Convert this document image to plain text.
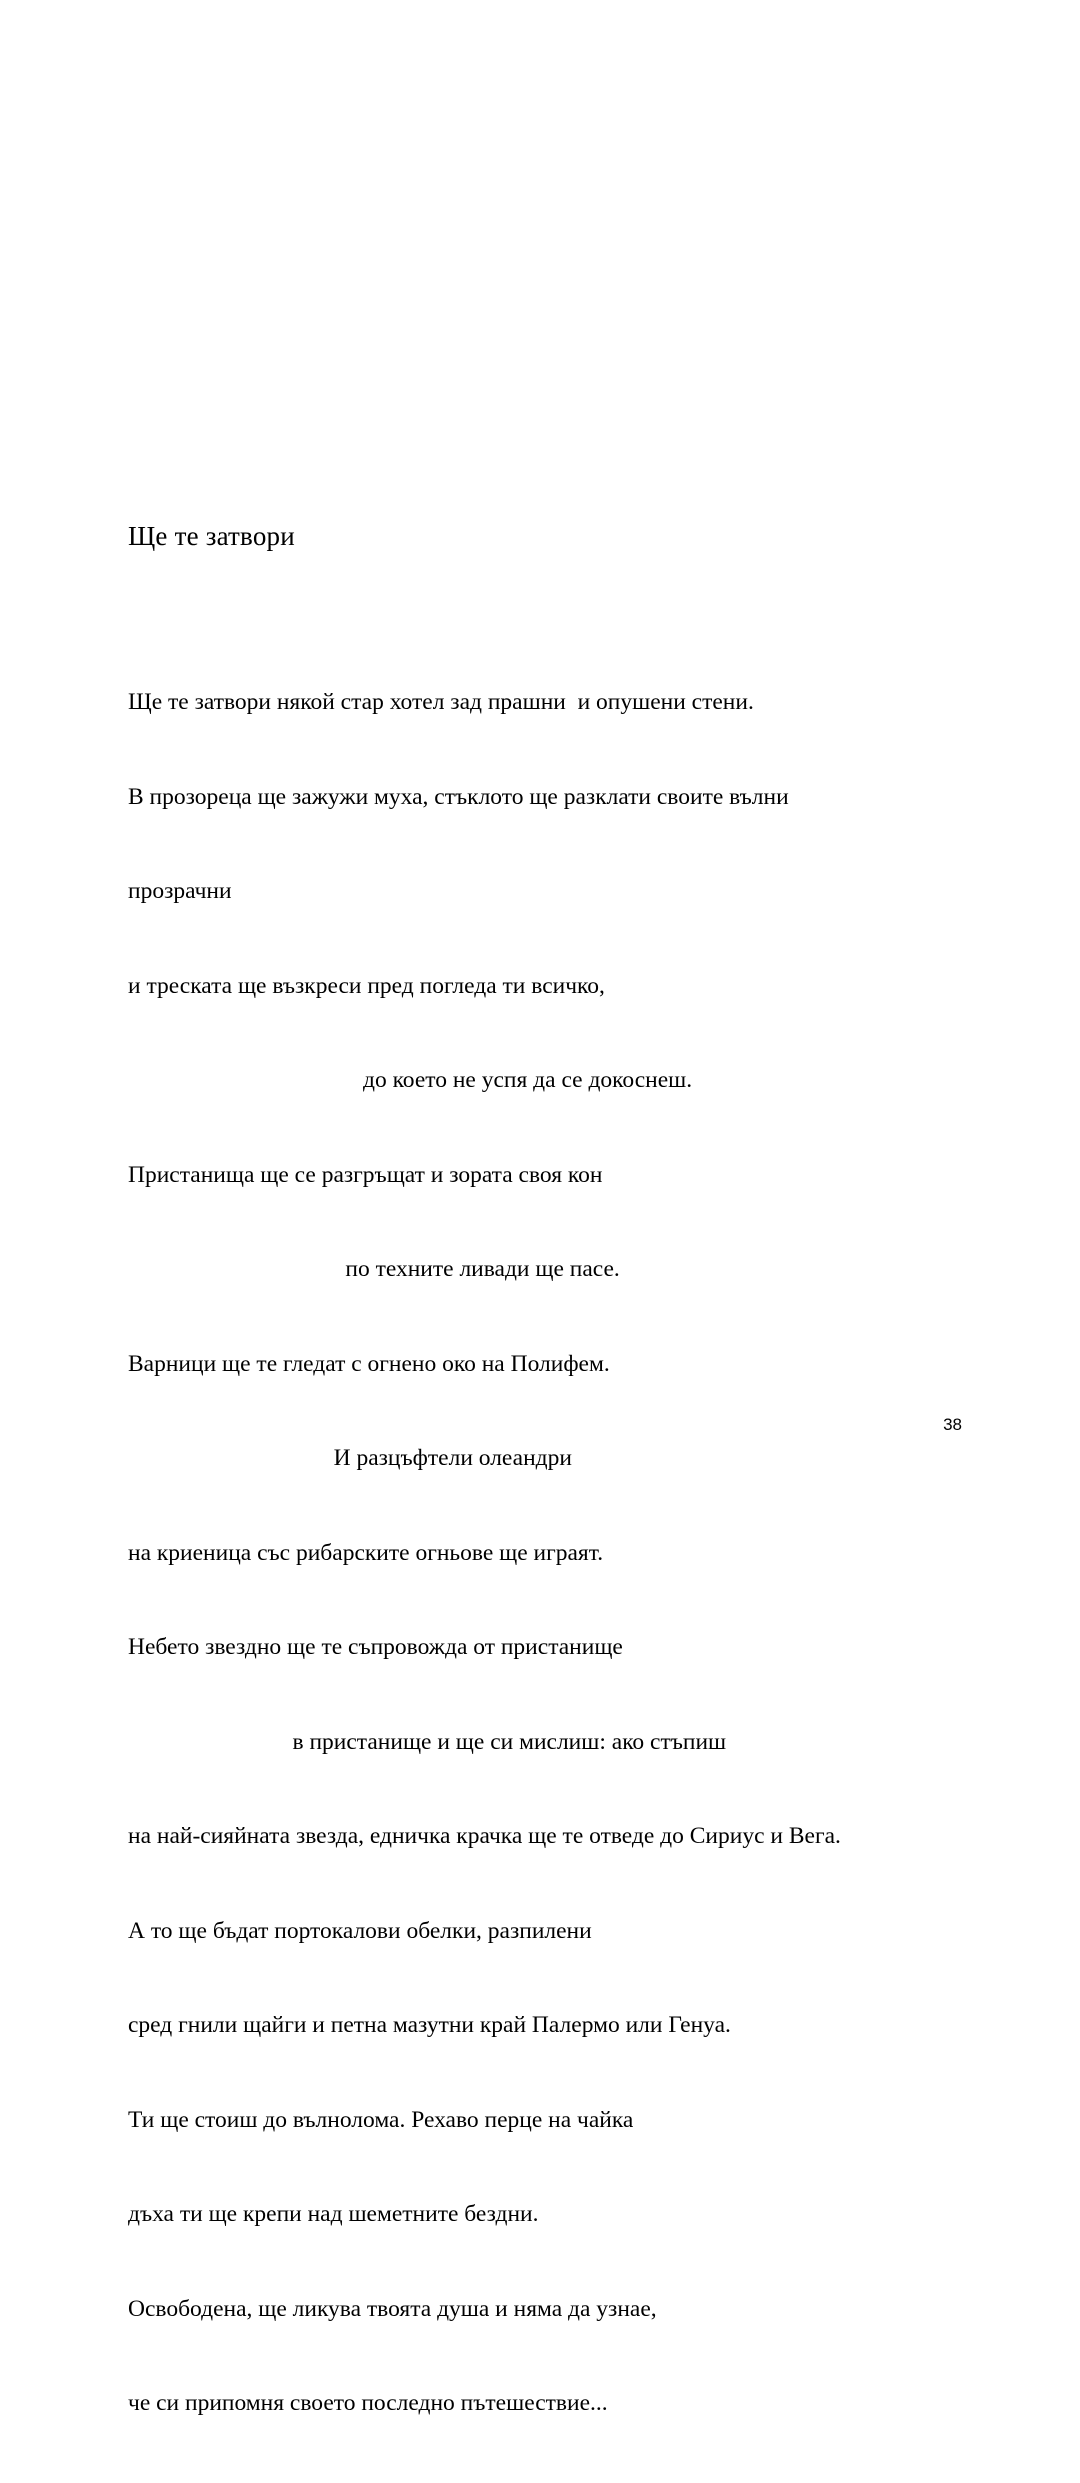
Ще те затвори

Ще те затвори някой стар хотел зад прашни  и опушени стени.

В прозореца ще зажужи муха, стъклото ще разклати своите вълни

прозрачни

и треската ще възкреси пред погледа ти всичко,

до което не успя да се докоснеш.

Пристанища ще се разгръщат и зората своя кон

по техните ливади ще пасе.

Варници ще те гледат с огнено око на Полифем.

И разцъфтели олеандри

на криеница със рибарските огньове ще играят.

Небето звездно ще те съпровожда от пристанище

в пристанище и ще си мислиш: ако стъпиш

на най-сияйната звезда, едничка крачка ще те отведе до Сириус и Вега.

А то ще бъдат портокалови обелки, разпилени

сред гнили щайги и петна мазутни край Палермо или Генуа.

Ти ще стоиш до вълнолома. Рехаво перце на чайка

дъха ти ще крепи над шеметните бездни.

Освободена, ще ликува твоята душа и няма да узнае,

че си припомня своето последно пътешествие...

38
